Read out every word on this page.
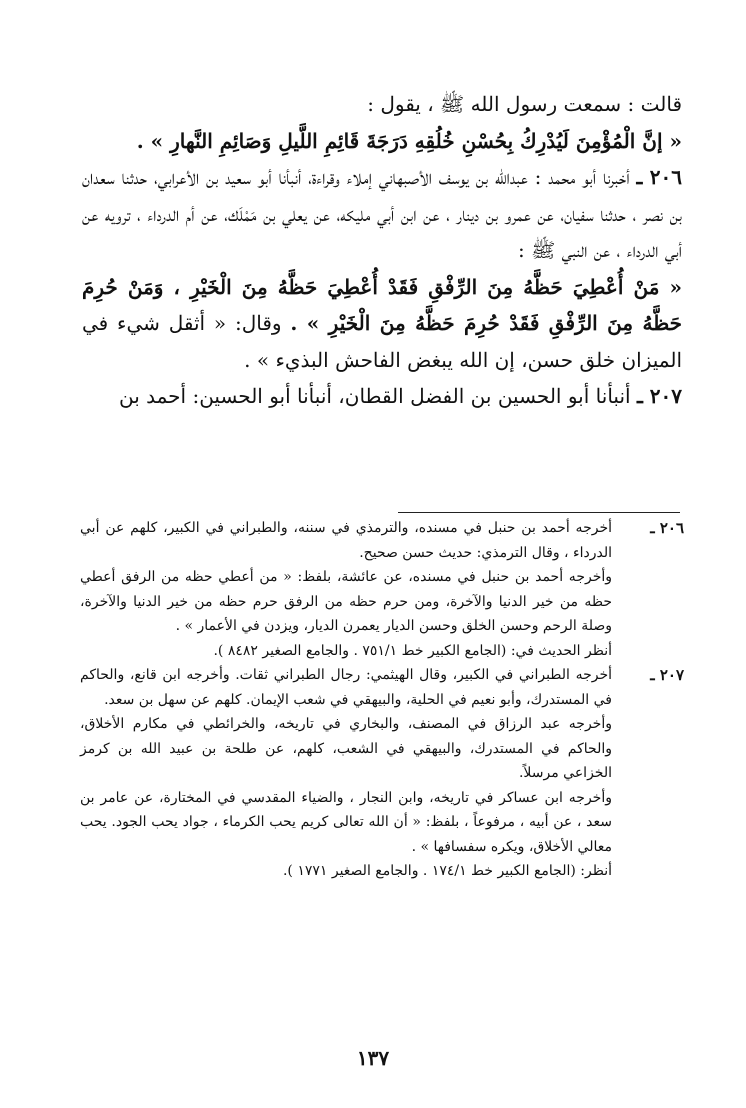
قالت : سمعت رسول الله ﷺ ، يقول :

« إنَّ الْمُؤْمِنَ لَيُدْرِكُ بِحُسْنِ خُلُقِهِ دَرَجَةَ قَائِمِ اللَّيلِ وَصَائِمِ النَّهارِ » .

٢٠٦ ـ أخبرنا أبو محمد : عبدالله بن يوسف الأصبهاني إملاء وقراءة، أنبأنا أبو سعيد بن الأعرابي، حدثنا سعدان بن نصر ، حدثنا سفيان، عن عمرو بن دينار ، عن ابن أبي مليكه، عن يعلي بن مَمْلَك، عن أم الدرداء ، ترويه عن أبي الدرداء ، عن النبي ﷺ :

« مَنْ أُعْطِيَ حَظَّهُ مِنَ الرِّفْقِ فَقَدْ أُعْطِيَ حَظَّهُ مِنَ الْخَيْرِ ، وَمَنْ حُرِمَ حَظَّهُ مِنَ الرِّفْقِ فَقَدْ حُرِمَ حَظَّهُ مِنَ الْخَيْرِ » . وقال: « أثقل شيء في الميزان خلق حسن، إن الله يبغض الفاحش البذيء » .

٢٠٧ ـ أنبأنا أبو الحسين بن الفضل القطان، أنبأنا أبو الحسين: أحمد بن

٢٠٦ ـ

أخرجه أحمد بن حنبل في مسنده، والترمذي في سننه، والطبراني في الكبير، كلهم عن أبي الدرداء ، وقال الترمذي: حديث حسن صحيح.

وأخرجه أحمد بن حنبل في مسنده، عن عائشة، بلفظ: « من أعطي حظه من الرفق أعطي حظه من خير الدنيا والآخرة، ومن حرم حظه من الرفق حرم حظه من خير الدنيا والآخرة، وصلة الرحم وحسن الخلق وحسن الديار يعمرن الديار، ويزدن في الأعمار » .

أنظر الحديث في: (الجامع الكبير خط ٧٥١/١ . والجامع الصغير ٨٤٨٢ ).

٢٠٧ ـ

أخرجه الطبراني في الكبير، وقال الهيثمي: رجال الطبراني ثقات. وأخرجه ابن قانع، والحاكم في المستدرك، وأبو نعيم في الحلية، والبيهقي في شعب الإيمان. كلهم عن سهل بن سعد.

وأخرجه عبد الرزاق في المصنف، والبخاري في تاريخه، والخرائطي في مكارم الأخلاق، والحاكم في المستدرك، والبيهقي في الشعب، كلهم، عن طلحة بن عبيد الله بن كرمز الخزاعي مرسلاً.

وأخرجه ابن عساكر في تاريخه، وابن النجار ، والضياء المقدسي في المختارة، عن عامر بن سعد ، عن أبيه ، مرفوعاً ، بلفظ: « أن الله تعالى كريم يحب الكرماء ، جواد يحب الجود. يحب معالي الأخلاق، ويكره سفسافها » .

أنظر: (الجامع الكبير خط ١٧٤/١ . والجامع الصغير ١٧٧١ ).

١٣٧
